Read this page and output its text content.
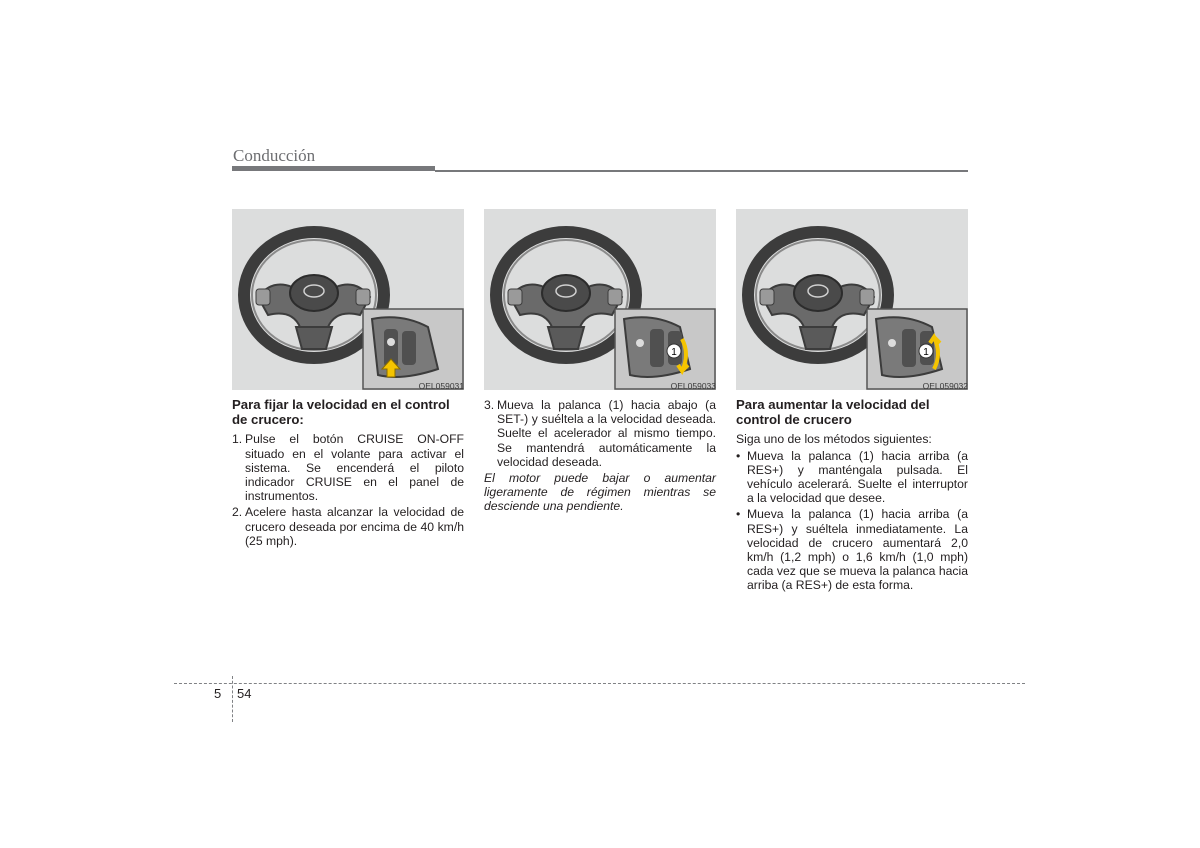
Conducción
OEL059031
1
OEL059033
1
OEL059032
Para fijar la velocidad en el control de crucero:
1. Pulse el botón CRUISE ON-OFF situado en el volante para activar el sistema. Se encenderá el piloto indicador CRUISE en el panel de instrumentos.
2. Acelere hasta alcanzar la velocidad de crucero deseada por encima de 40 km/h (25 mph).
3. Mueva la palanca (1) hacia abajo (a SET-) y suéltela a la velocidad deseada. Suelte el acelerador al mismo tiempo. Se mantendrá automáticamente la velocidad deseada.
El motor puede bajar o aumentar ligeramente de régimen mientras se desciende una pendiente.
Para aumentar la velocidad del control de crucero
Siga uno de los métodos siguientes:
• Mueva la palanca (1) hacia arriba (a RES+) y manténgala pulsada. El vehículo acelerará. Suelte el interruptor a la velocidad que desee.
• Mueva la palanca (1) hacia arriba (a RES+) y suéltela inmediatamente. La velocidad de crucero aumentará 2,0 km/h (1,2 mph) o 1,6 km/h (1,0 mph) cada vez que se mueva la palanca hacia arriba (a RES+) de esta forma.
5 54
